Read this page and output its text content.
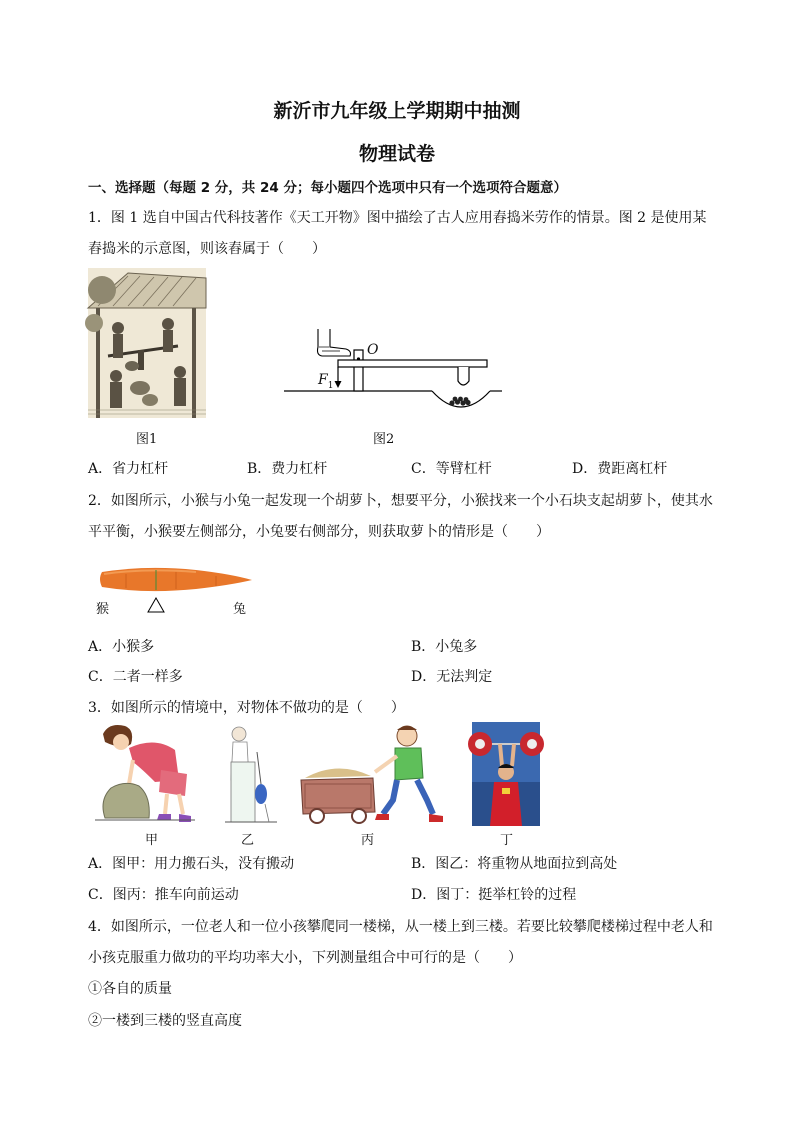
新沂市九年级上学期期中抽测
物理试卷
一、选择题（每题 2 分，共 24 分；每小题四个选项中只有一个选项符合题意）
1．图 1 选自中国古代科技著作《天工开物》图中描绘了古人应用舂捣米劳作的情景。图 2 是使用某
舂捣米的示意图，则该舂属于（　　）
O
$F_1$
图1	图2
A．省力杠杆	B．费力杠杆	C．等臂杠杆	D．费距离杠杆
2．如图所示，小猴与小兔一起发现一个胡萝卜，想要平分，小猴找来一个小石块支起胡萝卜，使其水
平平衡，小猴要左侧部分，小兔要右侧部分，则获取萝卜的情形是（　　）
猴	兔
A．小猴多	B．小兔多
C．二者一样多	D．无法判定
3．如图所示的情境中，对物体不做功的是（　　）
甲	乙	丙	丁
A．图甲：用力搬石头，没有搬动	B．图乙：将重物从地面拉到高处
C．图丙：推车向前运动	D．图丁：挺举杠铃的过程
4．如图所示，一位老人和一位小孩攀爬同一楼梯，从一楼上到三楼。若要比较攀爬楼梯过程中老人和
小孩克服重力做功的平均功率大小，下列测量组合中可行的是（　　）
①各自的质量
②一楼到三楼的竖直高度
